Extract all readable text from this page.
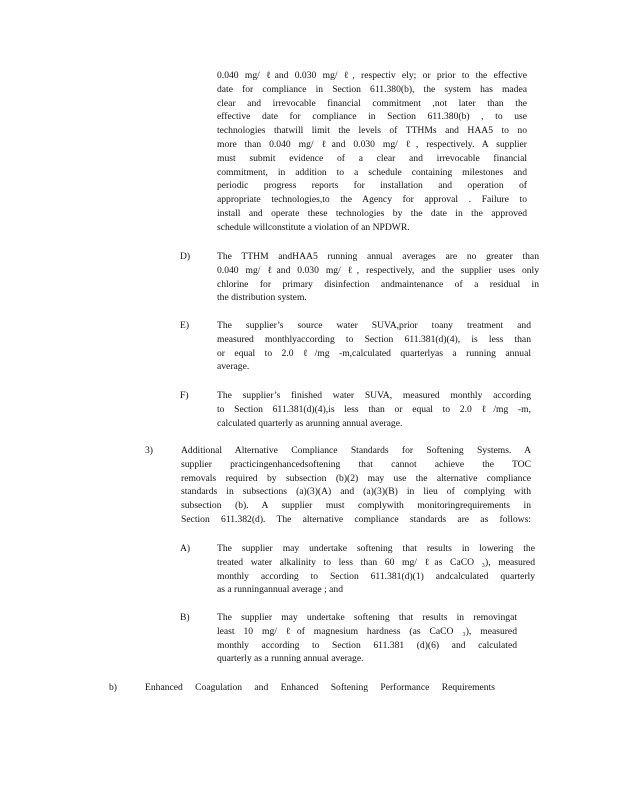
0.040 mg/ ℓand 0.030 mg/ ℓ, respectiv ely; or prior to the effective
date for compliance in Section 611.380(b), the system has madea
clear and irrevocable financial commitment ,not later than the
effective date for compliance in Section 611.380(b) , to use
technologies thatwill limit the levels of TTHMs and HAA5 to no
more than 0.040 mg/ ℓand 0.030 mg/ ℓ, respectively. A supplier
must submit evidence of a clear and irrevocable financial
commitment, in addition to a schedule containing milestones and
periodic progress reports for installation and operation of
appropriate technologies,to the Agency for approval . Failure to
install and operate these technologies by the date in the approved
schedule willconstitute a violation of an NPDWR.
D)	The TTHM andHAA5 running annual averages are no greater than
0.040 mg/ ℓand 0.030 mg/ ℓ, respectively, and the supplier uses only
chlorine for primary disinfection andmaintenance of a residual in
the distribution system.
E)	The supplier’s source water SUVA,prior toany treatment and
measured monthlyaccording to Section 611.381(d)(4), is less than
or equal to 2.0 ℓ/mg -m,calculated quarterlyas a running annual
average.
F)	The supplier’s finished water SUVA, measured monthly according
to Section 611.381(d)(4),is less than or equal to 2.0 ℓ/mg -m,
calculated quarterly as arunning annual average.
3)	Additional Alternative Compliance Standards for Softening Systems. A
supplier practicingenhancedsoftening that cannot achieve the TOC
removals required by subsection (b)(2) may use the alternative compliance
standards in subsections (a)(3)(A) and (a)(3)(B) in lieu of complying with
subsection (b). A supplier must complywith monitoringrequirements in
Section 611.382(d). The alternative compliance standards are as follows:
A)	The supplier may undertake softening that results in lowering the
treated water alkalinity to less than 60 mg/ ℓas CaCO ₃), measured
monthly according to Section 611.381(d)(1) andcalculated quarterly
as a runningannual average ; and
B)	The supplier may undertake softening that results in removingat
least 10 mg/ ℓof magnesium hardness (as CaCO ₃), measured
monthly according to Section 611.381 (d)(6) and calculated
quarterly as a running annual average.
b)	Enhanced Coagulation and Enhanced Softening Performance Requirements
